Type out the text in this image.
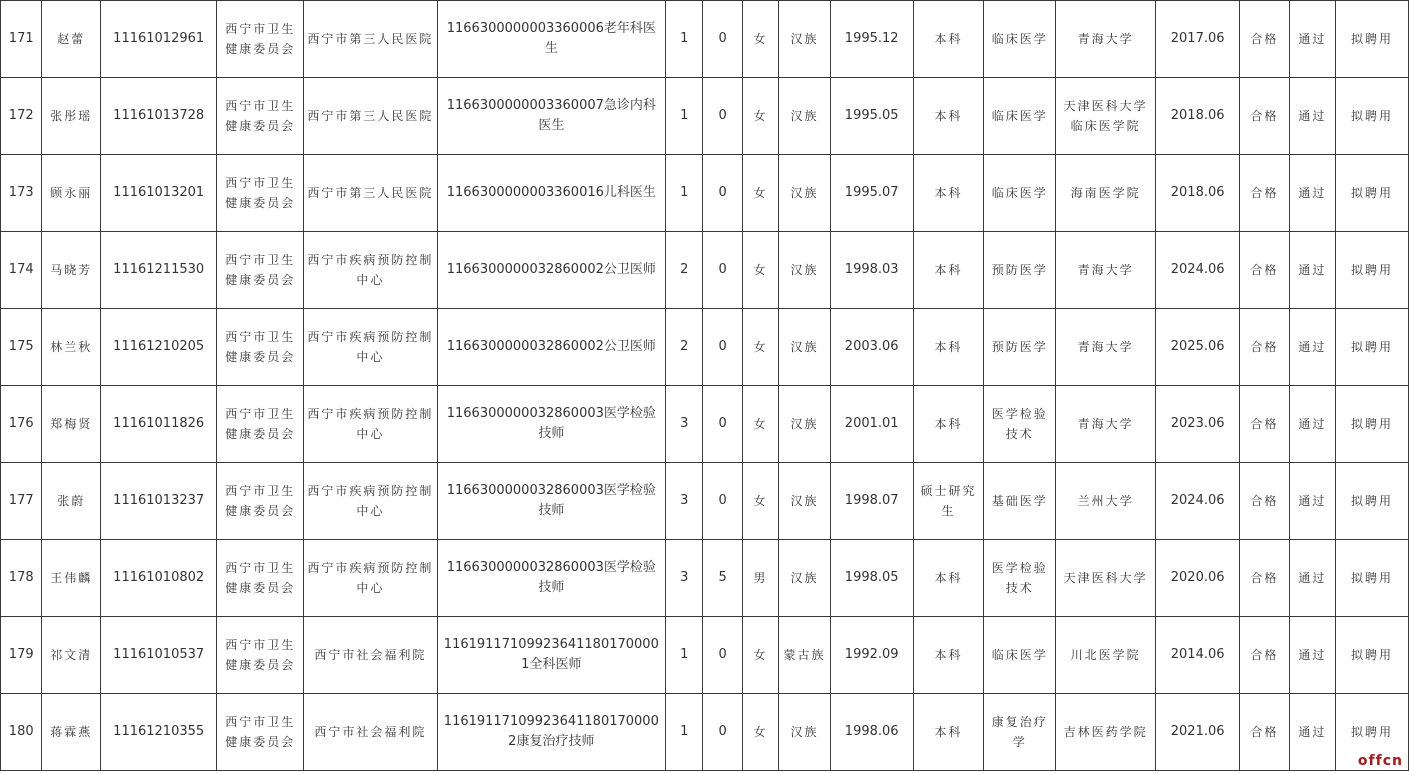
171	赵蕾	11161012961	西宁市卫生健康委员会	西宁市第三人民医院	1166300000003360006老年科医生	1	0	女	汉族	1995.12	本科	临床医学	青海大学	2017.06	合格	通过	拟聘用
172	张彤瑶	11161013728	西宁市卫生健康委员会	西宁市第三人民医院	1166300000003360007急诊内科医生	1	0	女	汉族	1995.05	本科	临床医学	天津医科大学临床医学院	2018.06	合格	通过	拟聘用
173	顾永丽	11161013201	西宁市卫生健康委员会	西宁市第三人民医院	1166300000003360016儿科医生	1	0	女	汉族	1995.07	本科	临床医学	海南医学院	2018.06	合格	通过	拟聘用
174	马晓芳	11161211530	西宁市卫生健康委员会	西宁市疾病预防控制中心	1166300000032860002公卫医师	2	0	女	汉族	1998.03	本科	预防医学	青海大学	2024.06	合格	通过	拟聘用
175	林兰秋	11161210205	西宁市卫生健康委员会	西宁市疾病预防控制中心	1166300000032860002公卫医师	2	0	女	汉族	2003.06	本科	预防医学	青海大学	2025.06	合格	通过	拟聘用
176	郑梅贤	11161011826	西宁市卫生健康委员会	西宁市疾病预防控制中心	1166300000032860003医学检验技师	3	0	女	汉族	2001.01	本科	医学检验技术	青海大学	2023.06	合格	通过	拟聘用
177	张蔚	11161013237	西宁市卫生健康委员会	西宁市疾病预防控制中心	1166300000032860003医学检验技师	3	0	女	汉族	1998.07	硕士研究生	基础医学	兰州大学	2024.06	合格	通过	拟聘用
178	王伟麟	11161010802	西宁市卫生健康委员会	西宁市疾病预防控制中心	1166300000032860003医学检验技师	3	5	男	汉族	1998.05	本科	医学检验技术	天津医科大学	2020.06	合格	通过	拟聘用
179	祁文清	11161010537	西宁市卫生健康委员会	西宁市社会福利院	116191171099236411801700001全科医师	1	0	女	蒙古族	1992.09	本科	临床医学	川北医学院	2014.06	合格	通过	拟聘用
180	蒋霖燕	11161210355	西宁市卫生健康委员会	西宁市社会福利院	116191171099236411801700002康复治疗技师	1	0	女	汉族	1998.06	本科	康复治疗学	吉林医药学院	2021.06	合格	通过	拟聘用
offcn
